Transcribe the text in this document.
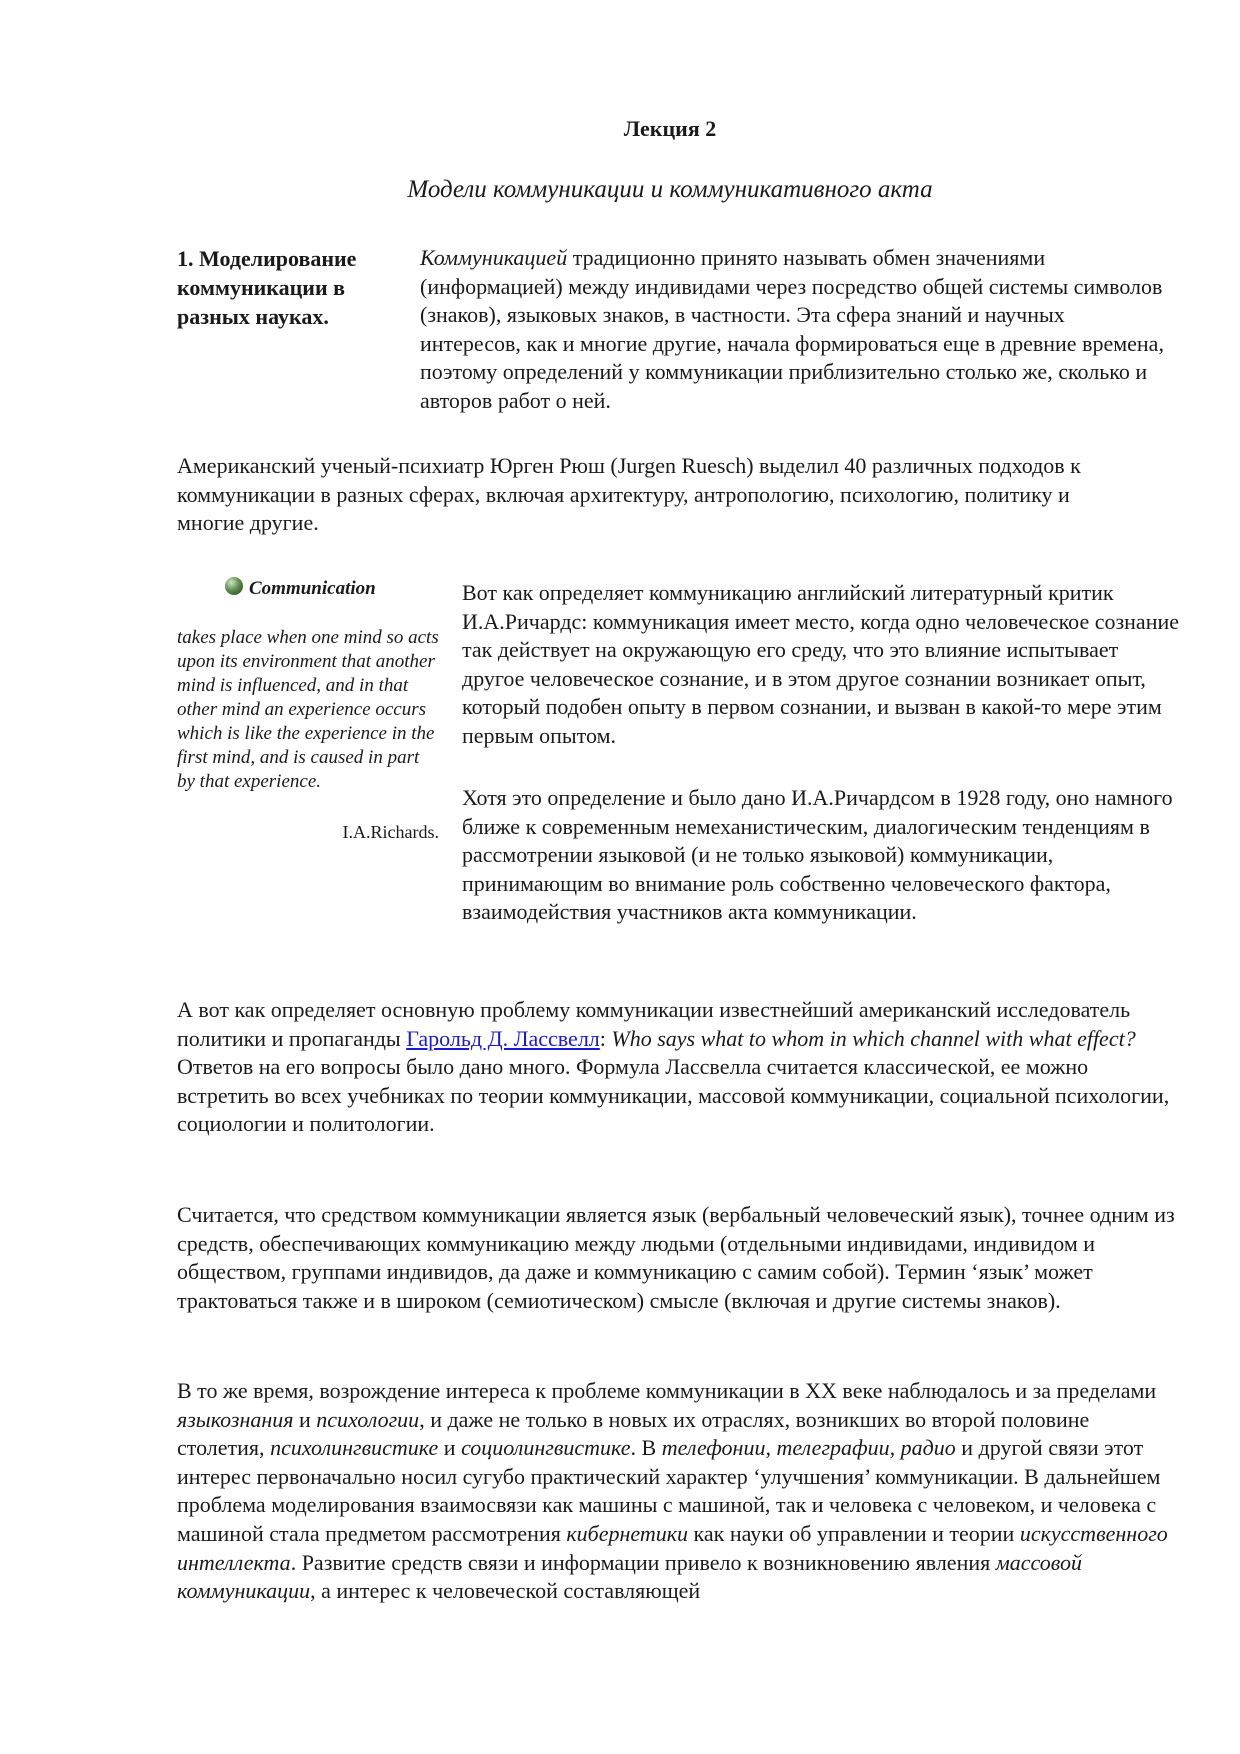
Лекция 2
Модели коммуникации и коммуникативного акта
1. Моделирование коммуникации в разных науках.
Коммуникацией традиционно принято называть обмен значениями (информацией) между индивидами через посредство общей системы символов (знаков), языковых знаков, в частности. Эта сфера знаний и научных интересов, как и многие другие, начала формироваться еще в древние времена, поэтому определений у коммуникации приблизительно столько же, сколько и авторов работ о ней.
Американский ученый-психиатр Юрген Рюш (Jurgen Ruesch) выделил 40 различных подходов к коммуникации в разных сферах, включая архитектуру, антропологию, психологию, политику и многие другие.
Communication
takes place when one mind so acts upon its environment that another mind is influenced, and in that other mind an experience occurs which is like the experience in the first mind, and is caused in part by that experience.
I.A.Richards.
Вот как определяет коммуникацию английский литературный критик И.А.Ричардс: коммуникация имеет место, когда одно человеческое сознание так действует на окружающую его среду, что это влияние испытывает другое человеческое сознание, и в этом другое сознании возникает опыт, который подобен опыту в первом сознании, и вызван в какой-то мере этим первым опытом.
Хотя это определение и было дано И.А.Ричардсом в 1928 году, оно намного ближе к современным немеханистическим, диалогическим тенденциям в рассмотрении языковой (и не только языковой) коммуникации, принимающим во внимание роль собственно человеческого фактора, взаимодействия участников акта коммуникации.
А вот как определяет основную проблему коммуникации известнейший американский исследователь политики и пропаганды Гарольд Д. Лассвелл: Who says what to whom in which channel with what effect? Ответов на его вопросы было дано много. Формула Лассвелла считается классической, ее можно встретить во всех учебниках по теории коммуникации, массовой коммуникации, социальной психологии, социологии и политологии.
Считается, что средством коммуникации является язык (вербальный человеческий язык), точнее одним из средств, обеспечивающих коммуникацию между людьми (отдельными индивидами, индивидом и обществом, группами индивидов, да даже и коммуникацию с самим собой). Термин ‘язык’ может трактоваться также и в широком (семиотическом) смысле (включая и другие системы знаков).
В то же время, возрождение интереса к проблеме коммуникации в XX веке наблюдалось и за пределами языкознания и психологии, и даже не только в новых их отраслях, возникших во второй половине столетия, психолингвистике и социолингвистике. В телефонии, телеграфии, радио и другой связи этот интерес первоначально носил сугубо практический характер ‘улучшения’ коммуникации. В дальнейшем проблема моделирования взаимосвязи как машины с машиной, так и человека с человеком, и человека с машиной стала предметом рассмотрения кибернетики как науки об управлении и теории искусственного интеллекта. Развитие средств связи и информации привело к возникновению явления массовой коммуникации, а интерес к человеческой составляющей
